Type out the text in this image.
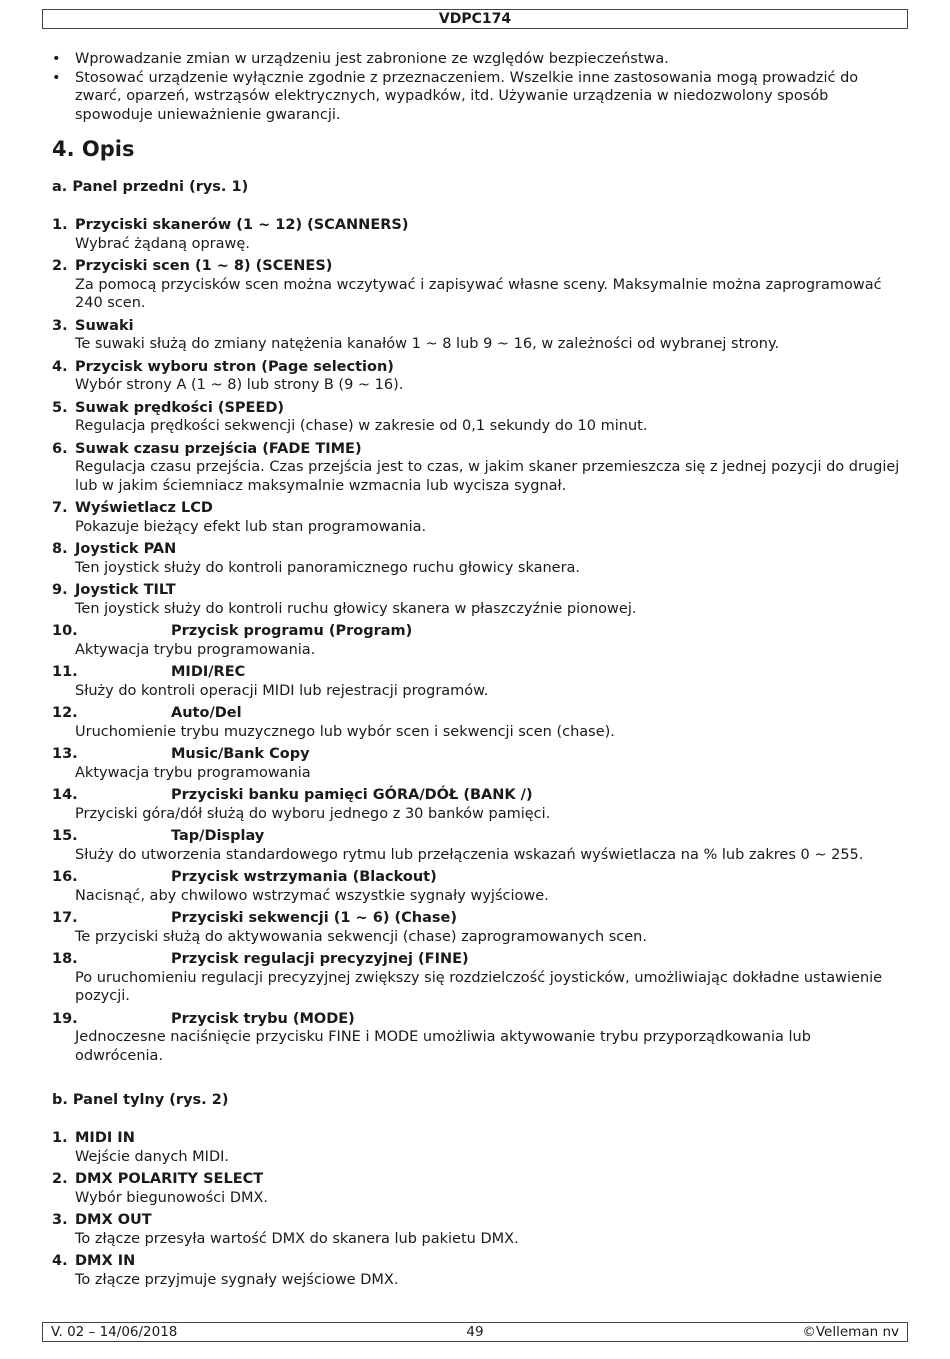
VDPC174
• Wprowadzanie zmian w urządzeniu jest zabronione ze względów bezpieczeństwa.
• Stosować urządzenie wyłącznie zgodnie z przeznaczeniem. Wszelkie inne zastosowania mogą prowadzić do zwarć, oparzeń, wstrząsów elektrycznych, wypadków, itd. Używanie urządzenia w niedozwolony sposób spowoduje unieważnienie gwarancji.
4. Opis
a. Panel przedni (rys. 1)
1. Przyciski skanerów (1 ~ 12) (SCANNERS)
Wybrać żądaną oprawę.
2. Przyciski scen (1 ~ 8) (SCENES)
Za pomocą przycisków scen można wczytywać i zapisywać własne sceny. Maksymalnie można zaprogramować 240 scen.
3. Suwaki
Te suwaki służą do zmiany natężenia kanałów 1 ~ 8 lub 9 ~ 16, w zależności od wybranej strony.
4. Przycisk wyboru stron (Page selection)
Wybór strony A (1 ~ 8) lub strony B (9 ~ 16).
5. Suwak prędkości (SPEED)
Regulacja prędkości sekwencji (chase) w zakresie od 0,1 sekundy do 10 minut.
6. Suwak czasu przejścia (FADE TIME)
Regulacja czasu przejścia. Czas przejścia jest to czas, w jakim skaner przemieszcza się z jednej pozycji do drugiej lub w jakim ściemniacz maksymalnie wzmacnia lub wycisza sygnał.
7. Wyświetlacz LCD
Pokazuje bieżący efekt lub stan programowania.
8. Joystick PAN
Ten joystick służy do kontroli panoramicznego ruchu głowicy skanera.
9. Joystick TILT
Ten joystick służy do kontroli ruchu głowicy skanera w płaszczyźnie pionowej.
10.	Przycisk programu (Program)
Aktywacja trybu programowania.
11.	MIDI/REC
Służy do kontroli operacji MIDI lub rejestracji programów.
12.	Auto/Del
Uruchomienie trybu muzycznego lub wybór scen i sekwencji scen (chase).
13.	Music/Bank Copy
Aktywacja trybu programowania
14.	Przyciski banku pamięci GÓRA/DÓŁ (BANK /)
Przyciski góra/dół służą do wyboru jednego z 30 banków pamięci.
15.	Tap/Display
Służy do utworzenia standardowego rytmu lub przełączenia wskazań wyświetlacza na % lub zakres 0 ~ 255.
16.	Przycisk wstrzymania (Blackout)
Nacisnąć, aby chwilowo wstrzymać wszystkie sygnały wyjściowe.
17.	Przyciski sekwencji (1 ~ 6) (Chase)
Te przyciski służą do aktywowania sekwencji (chase) zaprogramowanych scen.
18.	Przycisk regulacji precyzyjnej (FINE)
Po uruchomieniu regulacji precyzyjnej zwiększy się rozdzielczość joysticków, umożliwiając dokładne ustawienie pozycji.
19.	Przycisk trybu (MODE)
Jednoczesne naciśnięcie przycisku FINE i MODE umożliwia aktywowanie trybu przyporządkowania lub odwrócenia.
b. Panel tylny (rys. 2)
1. MIDI IN
Wejście danych MIDI.
2. DMX POLARITY SELECT
Wybór biegunowości DMX.
3. DMX OUT
To złącze przesyła wartość DMX do skanera lub pakietu DMX.
4. DMX IN
To złącze przyjmuje sygnały wejściowe DMX.
V. 02 – 14/06/2018	49	©Velleman nv
